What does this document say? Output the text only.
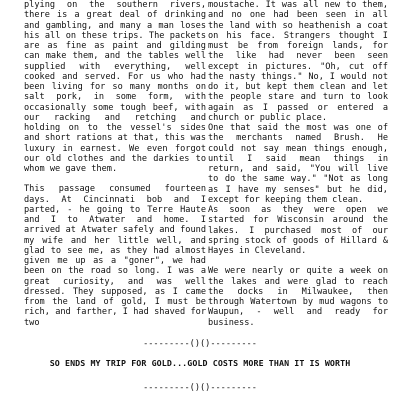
plying on the southern rivers, there is a great deal of drinking and gambling, and many a man loses his all on these trips. The packets are as fine as paint and gilding can make them, and the tables well supplied with everything, well cooked and served. For us who had been living for so many months on salt pork, in some form, with occasionally some tough beef, with our racking and retching and holding on to the vessel's sides and short rations at that, this was luxury in earnest. We even forgot our old clothes and the darkies to whom we gave them.

This passage consumed fourteen days. At Cincinnati bob and I parted, - he going to Terre Haute and I to Atwater and home. I arrived at Atwater safely and found my wife and her little well, and glad to see me, as they had almost given me up as a "goner", we had been on the road so long. I was a great curiosity, and was well dressed. They supposed, as I came from the land of gold, I must be rich, and farther, I had shaved for two

moustache. It was all new to them, and no one had been seen in all the land with so heathenish a coat on his face. Strangers thought I must be from foreign lands, for the like had never been seen except in pictures. "Oh, cut off the nasty things." No, I would not do it, but kept them clean and let the people stare and turn to look again as I passed or entered a church or public place.

One that said the most was one of the merchants named Brush. He could not say mean things enough, until I said mean things in return, and said, "You will live to do the same way." "Not as long as I have my senses" but he did, except for keeping them clean.

As soon as they were open we started for Wisconsin around the lakes. I purchased most of our spring stock of goods of Hillard & Hayes in Cleveland.

We were nearly or quite a week on the lakes and were glad to reach the docks in Milwaukee, then through Watertown by mud wagons to Waupun, - well and ready for business.

---------()()---------
SO ENDS MY TRIP FOR GOLD...GOLD COSTS MORE THAN IT IS WORTH
---------()()---------
